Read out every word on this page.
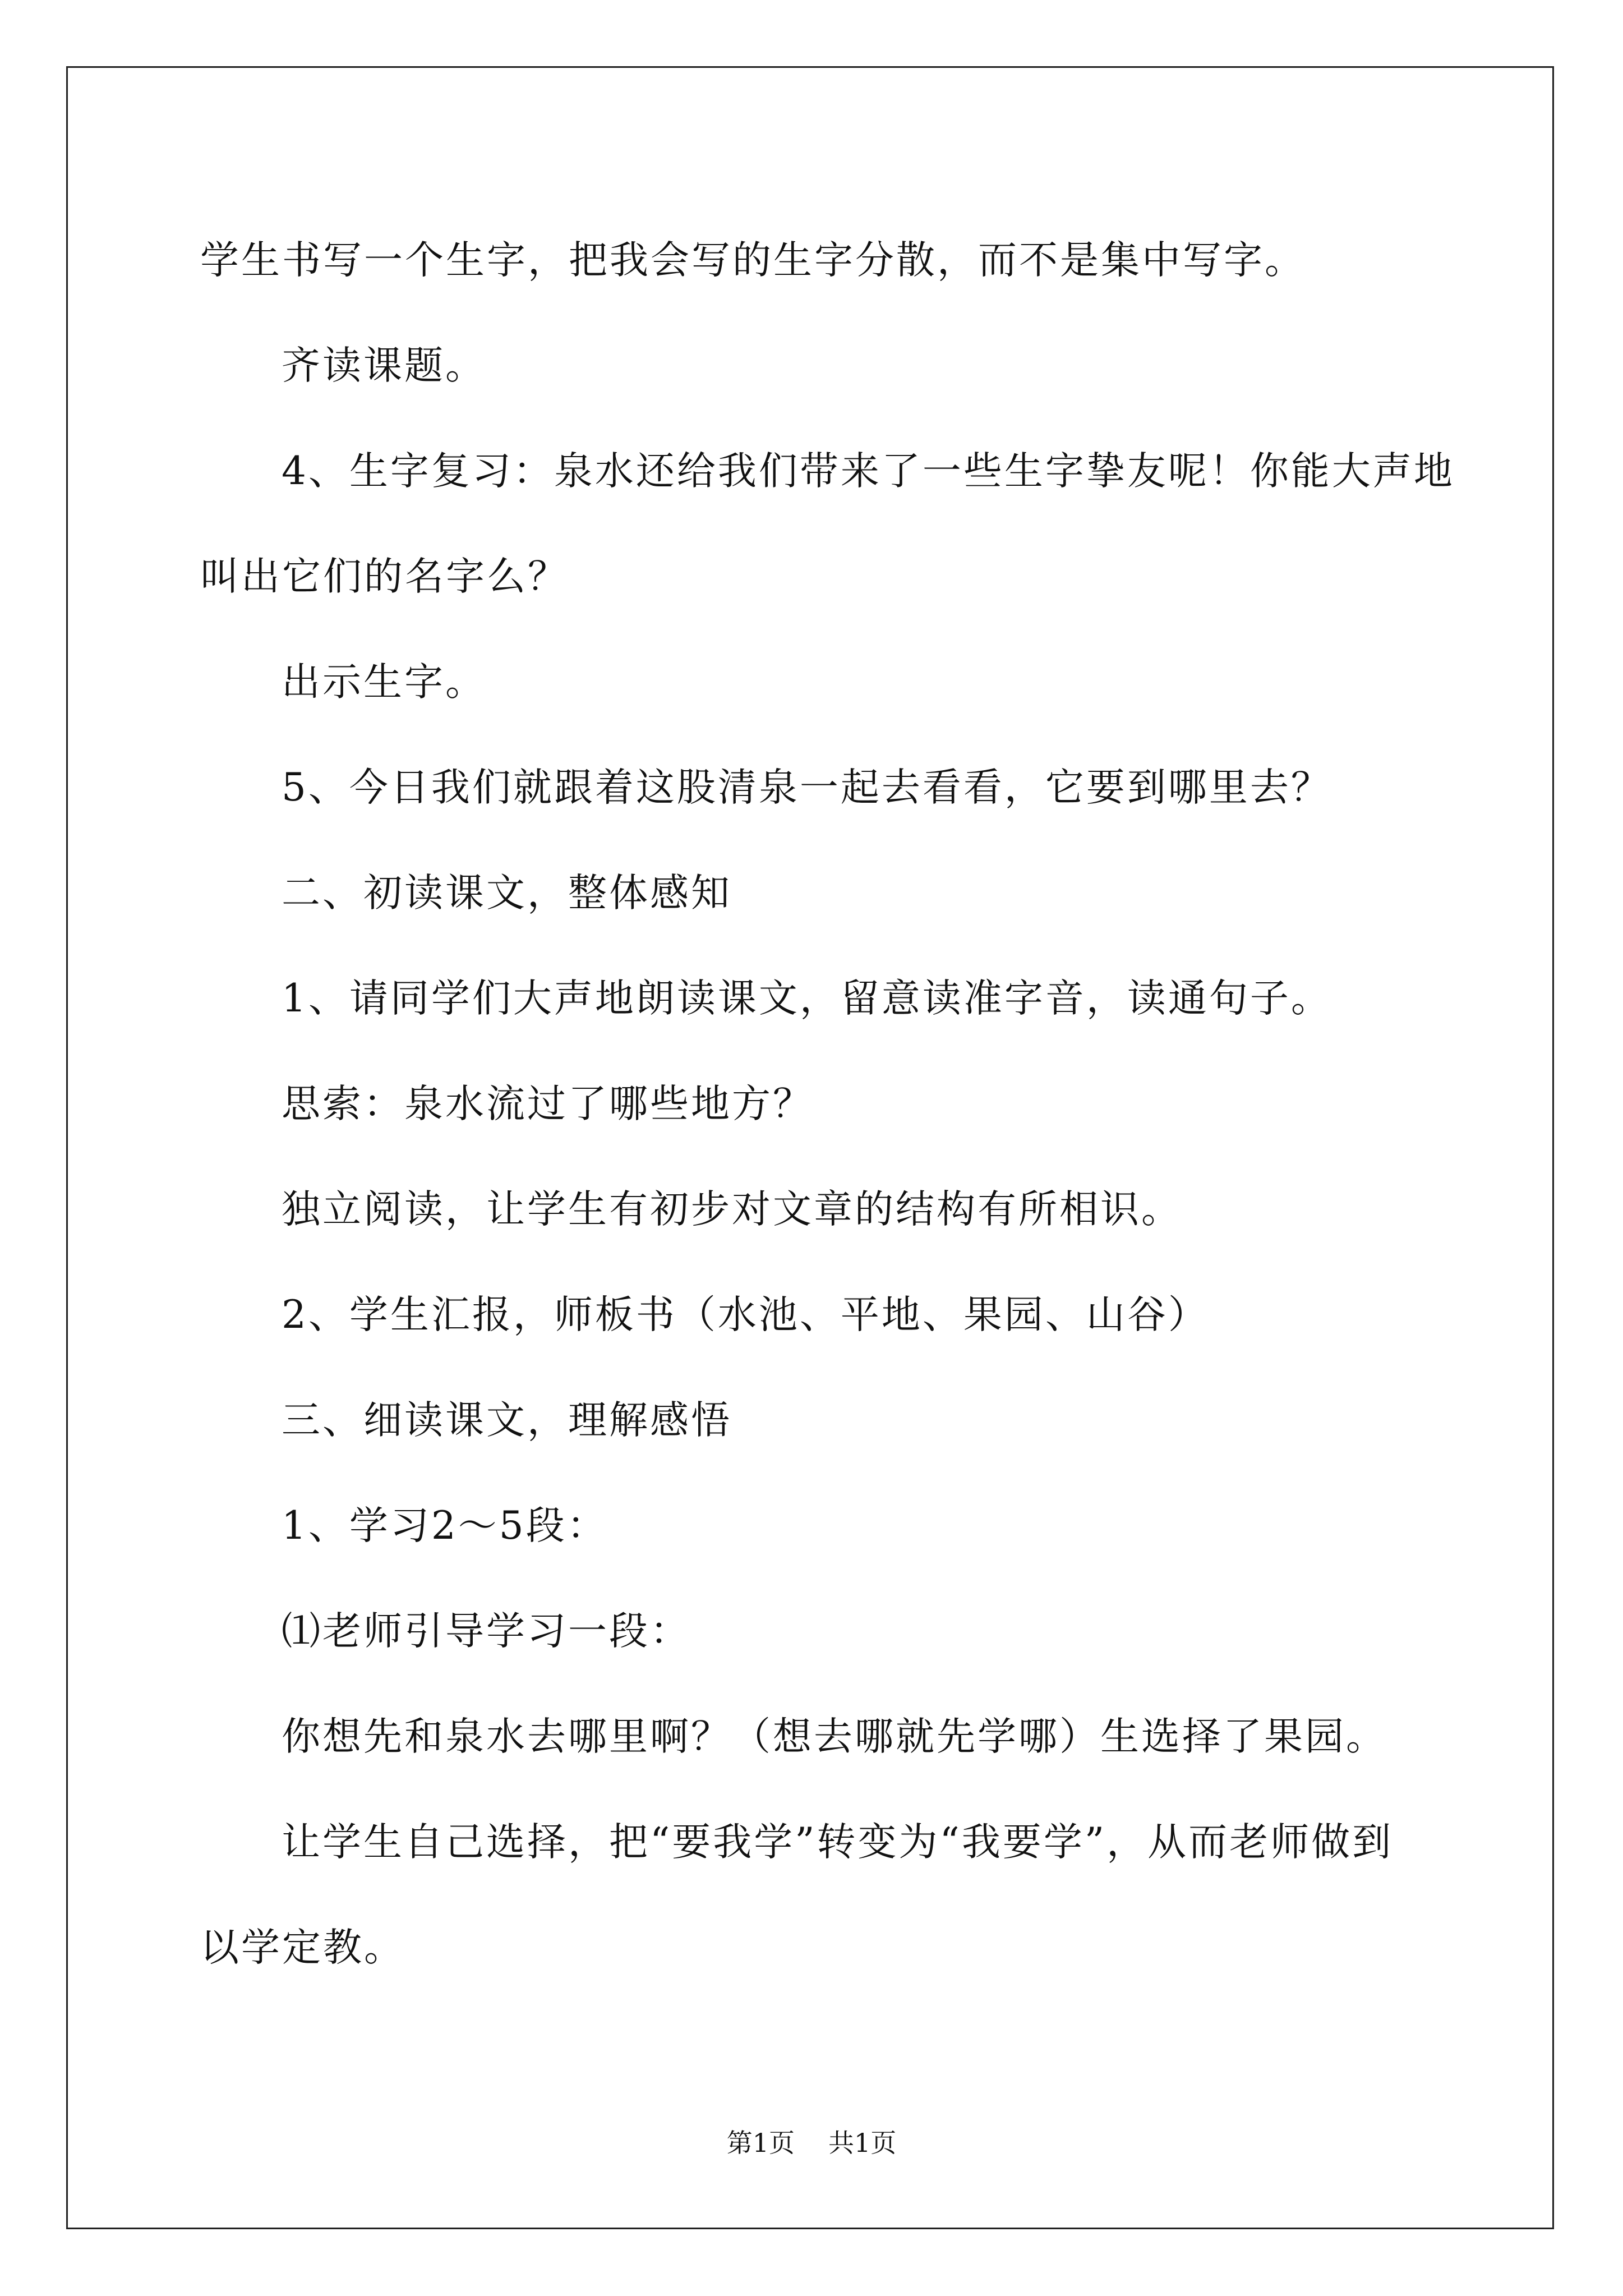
学生书写一个生字，把我会写的生字分散，而不是集中写字。

齐读课题。

4、生字复习：泉水还给我们带来了一些生字挚友呢！你能大声地

叫出它们的名字么？

出示生字。

5、今日我们就跟着这股清泉一起去看看，它要到哪里去？

二、初读课文，整体感知

1、请同学们大声地朗读课文，留意读准字音，读通句子。

思索：泉水流过了哪些地方？

独立阅读，让学生有初步对文章的结构有所相识。

2、学生汇报，师板书（水池、平地、果园、山谷）

三、细读课文，理解感悟

1、学习2～5段：

⑴老师引导学习一段：

你想先和泉水去哪里啊？（想去哪就先学哪）生选择了果园。

让学生自己选择，把“要我学”转变为“我要学”，从而老师做到

以学定教。

第1页 共1页
